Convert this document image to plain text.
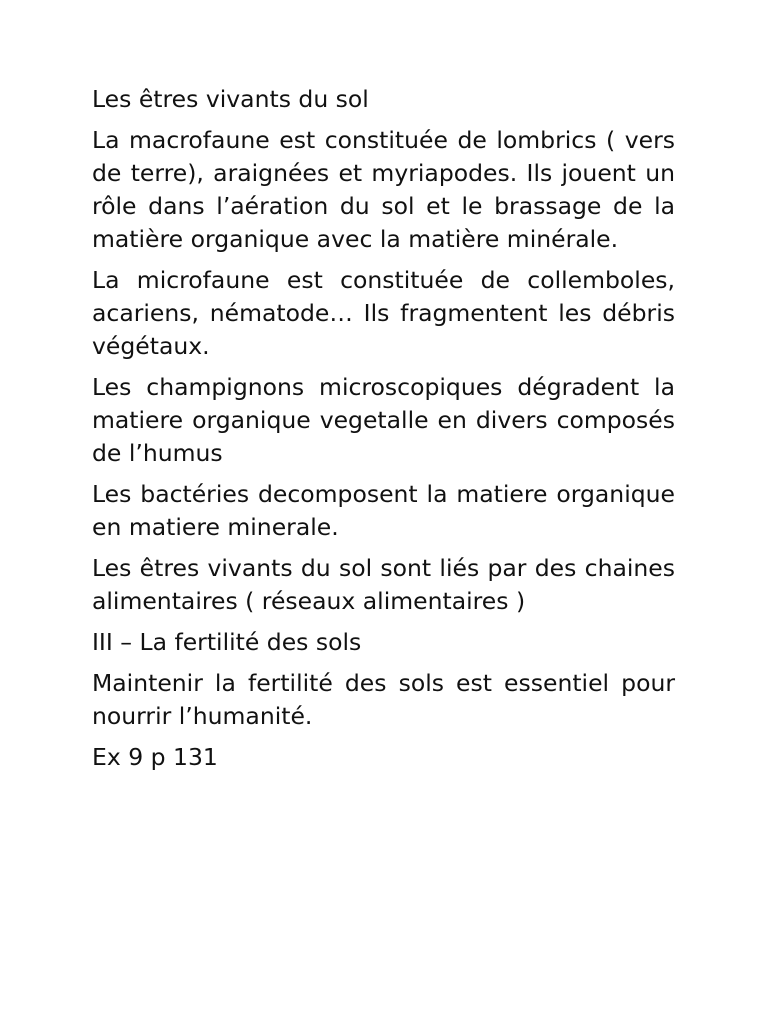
Les êtres vivants du sol

La macrofaune est constituée de lombrics ( vers de terre), araignées et myriapodes. Ils jouent un rôle dans l’aération du sol et le brassage de la matière organique avec la matière minérale.

La microfaune est constituée de collemboles, acariens, nématode… Ils fragmentent les débris végétaux.

Les champignons microscopiques dégradent la matiere organique vegetalle en divers composés de l’humus

Les bactéries decomposent la matiere organique en matiere minerale.

Les êtres vivants du sol sont liés par des chaines alimentaires ( réseaux alimentaires )

III – La fertilité des sols

Maintenir la fertilité des sols est essentiel pour nourrir l’humanité.

Ex 9 p 131
